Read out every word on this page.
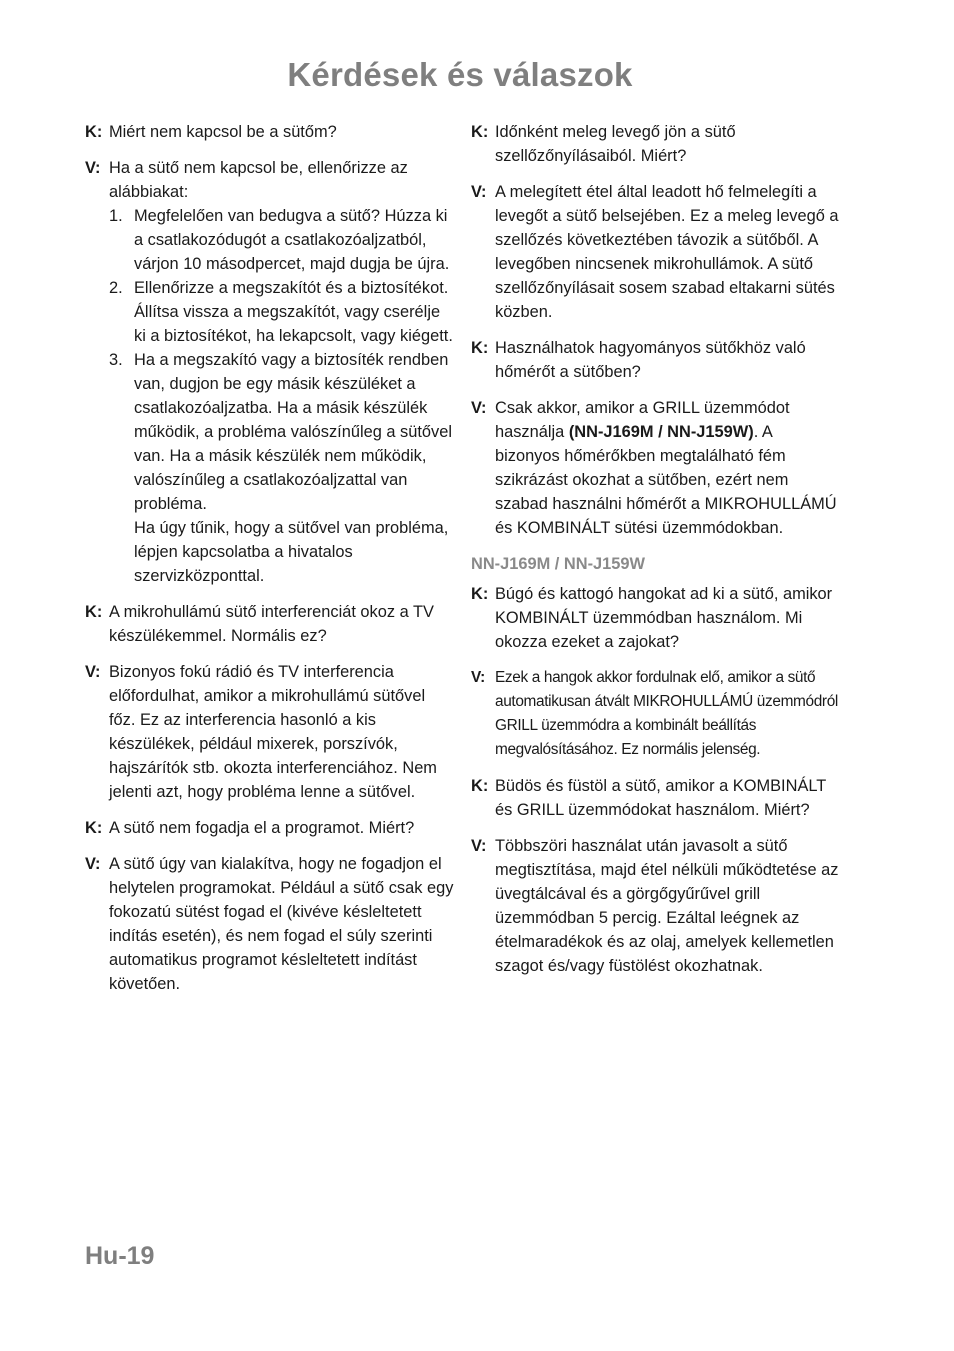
Kérdések és válaszok
K: Miért nem kapcsol be a sütőm?
V: Ha a sütő nem kapcsol be, ellenőrizze az alábbiakat:
1. Megfelelően van bedugva a sütő? Húzza ki a csatlakozódugót a csatlakozóaljzatból, várjon 10 másodpercet, majd dugja be újra.
2. Ellenőrizze a megszakítót és a biztosítékot. Állítsa vissza a megszakítót, vagy cserélje ki a biztosítékot, ha lekapcsolt, vagy kiégett.
3. Ha a megszakító vagy a biztosíték rendben van, dugjon be egy másik készüléket a csatlakozóaljzatba. Ha a másik készülék működik, a probléma valószínűleg a sütővel van. Ha a másik készülék nem működik, valószínűleg a csatlakozóaljzattal van probléma.
Ha úgy tűnik, hogy a sütővel van probléma, lépjen kapcsolatba a hivatalos szervizközponttal.
K: A mikrohullámú sütő interferenciát okoz a TV készülékemmel. Normális ez?
V: Bizonyos fokú rádió és TV interferencia előfordulhat, amikor a mikrohullámú sütővel főz. Ez az interferencia hasonló a kis készülékek, például mixerek, porszívók, hajszárítók stb. okozta interferenciához. Nem jelenti azt, hogy probléma lenne a sütővel.
K: A sütő nem fogadja el a programot. Miért?
V: A sütő úgy van kialakítva, hogy ne fogadjon el helytelen programokat. Például a sütő csak egy fokozatú sütést fogad el (kivéve késleltetett indítás esetén), és nem fogad el súly szerinti automatikus programot késleltetett indítást követően.
K: Időnként meleg levegő jön a sütő szellőzőnyílásaiból. Miért?
V: A melegített étel által leadott hő felmelegíti a levegőt a sütő belsejében. Ez a meleg levegő a szellőzés következtében távozik a sütőből. A levegőben nincsenek mikrohullámok. A sütő szellőzőnyílásait sosem szabad eltakarni sütés közben.
K: Használhatok hagyományos sütőkhöz való hőmérőt a sütőben?
V: Csak akkor, amikor a GRILL üzemmódot használja (NN-J169M / NN-J159W). A bizonyos hőmérőkben megtalálható fém szikrázást okozhat a sütőben, ezért nem szabad használni hőmérőt a MIKROHULLÁMÚ és KOMBINÁLT sütési üzemmódokban.
NN-J169M / NN-J159W
K: Búgó és kattogó hangokat ad ki a sütő, amikor KOMBINÁLT üzemmódban használom. Mi okozza ezeket a zajokat?
V: Ezek a hangok akkor fordulnak elő, amikor a sütő automatikusan átvált MIKROHULLÁMÚ üzemmódról GRILL üzemmódra a kombinált beállítás megvalósításához. Ez normális jelenség.
K: Büdös és füstöl a sütő, amikor a KOMBINÁLT és GRILL üzemmódokat használom. Miért?
V: Többszöri használat után javasolt a sütő megtisztítása, majd étel nélküli működtetése az üvegtálcával és a görgőgyűrűvel grill üzemmódban 5 percig. Ezáltal leégnek az ételmaradékok és az olaj, amelyek kellemetlen szagot és/vagy füstölést okozhatnak.
Hu-19
